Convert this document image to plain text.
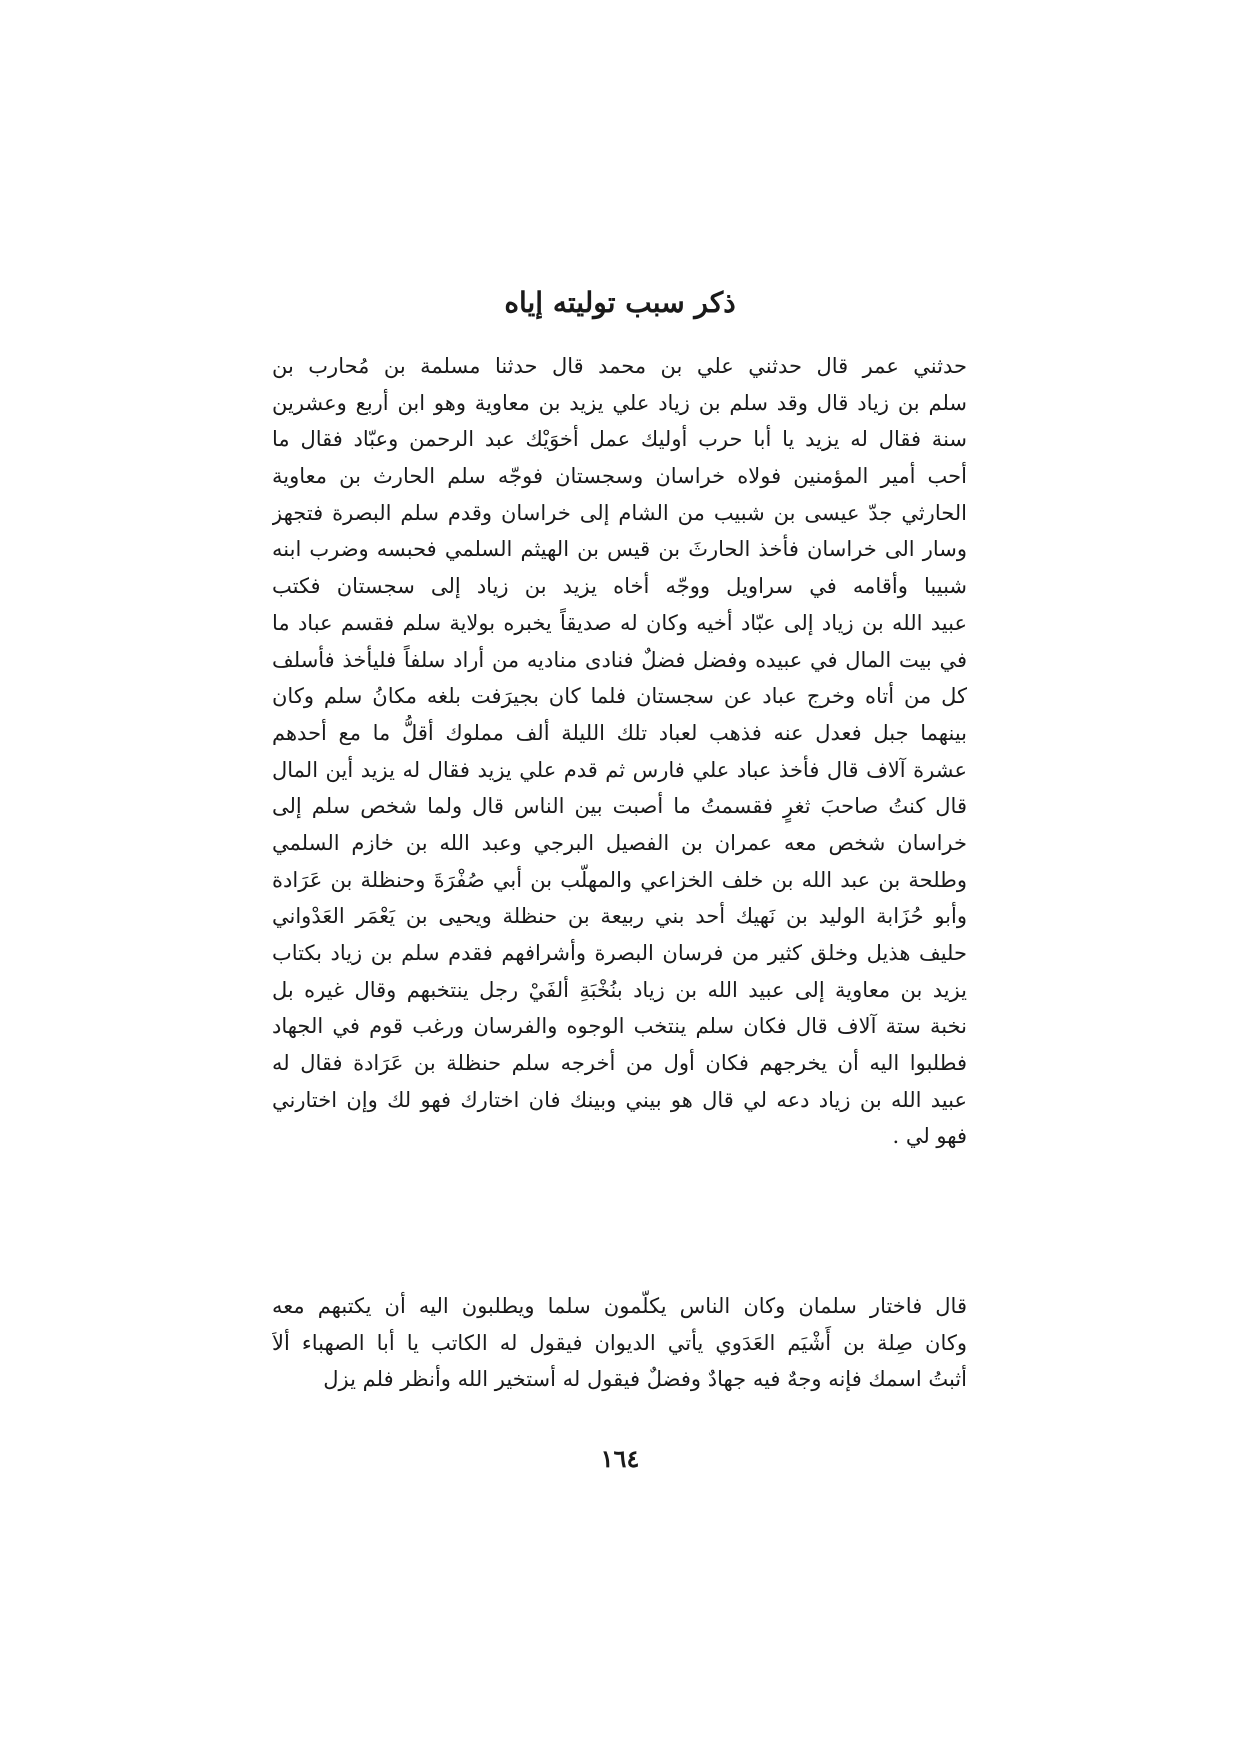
ذكر سبب توليته إياه
حدثني عمر قال حدثني علي بن محمد قال حدثنا مسلمة بن مُحارب بن
سلم بن زياد قال وقد سلم بن زياد علي يزيد بن معاوية وهو ابن أربع وعشرين
سنة فقال له يزيد يا أبا حرب أوليك عمل أخوَيْك عبد الرحمن وعبّاد فقال ما
أحب أمير المؤمنين فولاه خراسان وسجستان فوجّه سلم الحارث بن معاوية
الحارثي جدّ عيسى بن شبيب من الشام إلى خراسان وقدم سلم البصرة فتجهز
وسار الى خراسان فأخذ الحارثَ بن قيس بن الهيثم السلمي فحبسه وضرب ابنه
شبيبا وأقامه في سراويل ووجّه أخاه يزيد بن زياد إلى سجستان فكتب
عبيد الله بن زياد إلى عبّاد أخيه وكان له صديقاً يخبره بولاية سلم فقسم عباد ما
في بيت المال في عبيده وفضل فضلٌ فنادى مناديه من أراد سلفاً فليأخذ فأسلف
كل من أتاه وخرج عباد عن سجستان فلما كان بجيرَفت بلغه مكانُ سلم وكان
بينهما جبل فعدل عنه فذهب لعباد تلك الليلة ألف مملوك أقلُّ ما مع أحدهم
عشرة آلاف قال فأخذ عباد علي فارس ثم قدم علي يزيد فقال له يزيد أين المال
قال كنتُ صاحبَ ثغرٍ فقسمتُ ما أصبت بين الناس قال ولما شخص سلم إلى
خراسان شخص معه عمران بن الفصيل البرجي وعبد الله بن خازم السلمي
وطلحة بن عبد الله بن خلف الخزاعي والمهلّب بن أبي صُفْرَةَ وحنظلة بن عَرَادة
وأبو حُزَابة الوليد بن نَهيك أحد بني ربيعة بن حنظلة ويحيى بن يَعْمَر العَدْواني
حليف هذيل وخلق كثير من فرسان البصرة وأشرافهم فقدم سلم بن زياد بكتاب
يزيد بن معاوية إلى عبيد الله بن زياد بنُخْبَةِ ألفَيْ رجل ينتخبهم وقال غيره بل
نخبة ستة آلاف قال فكان سلم ينتخب الوجوه والفرسان ورغب قوم في الجهاد
فطلبوا اليه أن يخرجهم فكان أول من أخرجه سلم حنظلة بن عَرَادة فقال له
عبيد الله بن زياد دعه لي قال هو بيني وبينك فان اختارك فهو لك وإن اختارني
فهو لي .
قال فاختار سلمان وكان الناس يكلّمون سلما ويطلبون اليه أن يكتبهم معه
وكان صِلة بن أَشْيَم العَدَوي يأتي الديوان فيقول له الكاتب يا أبا الصهباء ألاَ
أثبتُ اسمك فإنه وجهٌ فيه جهادٌ وفضلٌ فيقول له أستخير الله وأنظر فلم يزل
١٦٤
